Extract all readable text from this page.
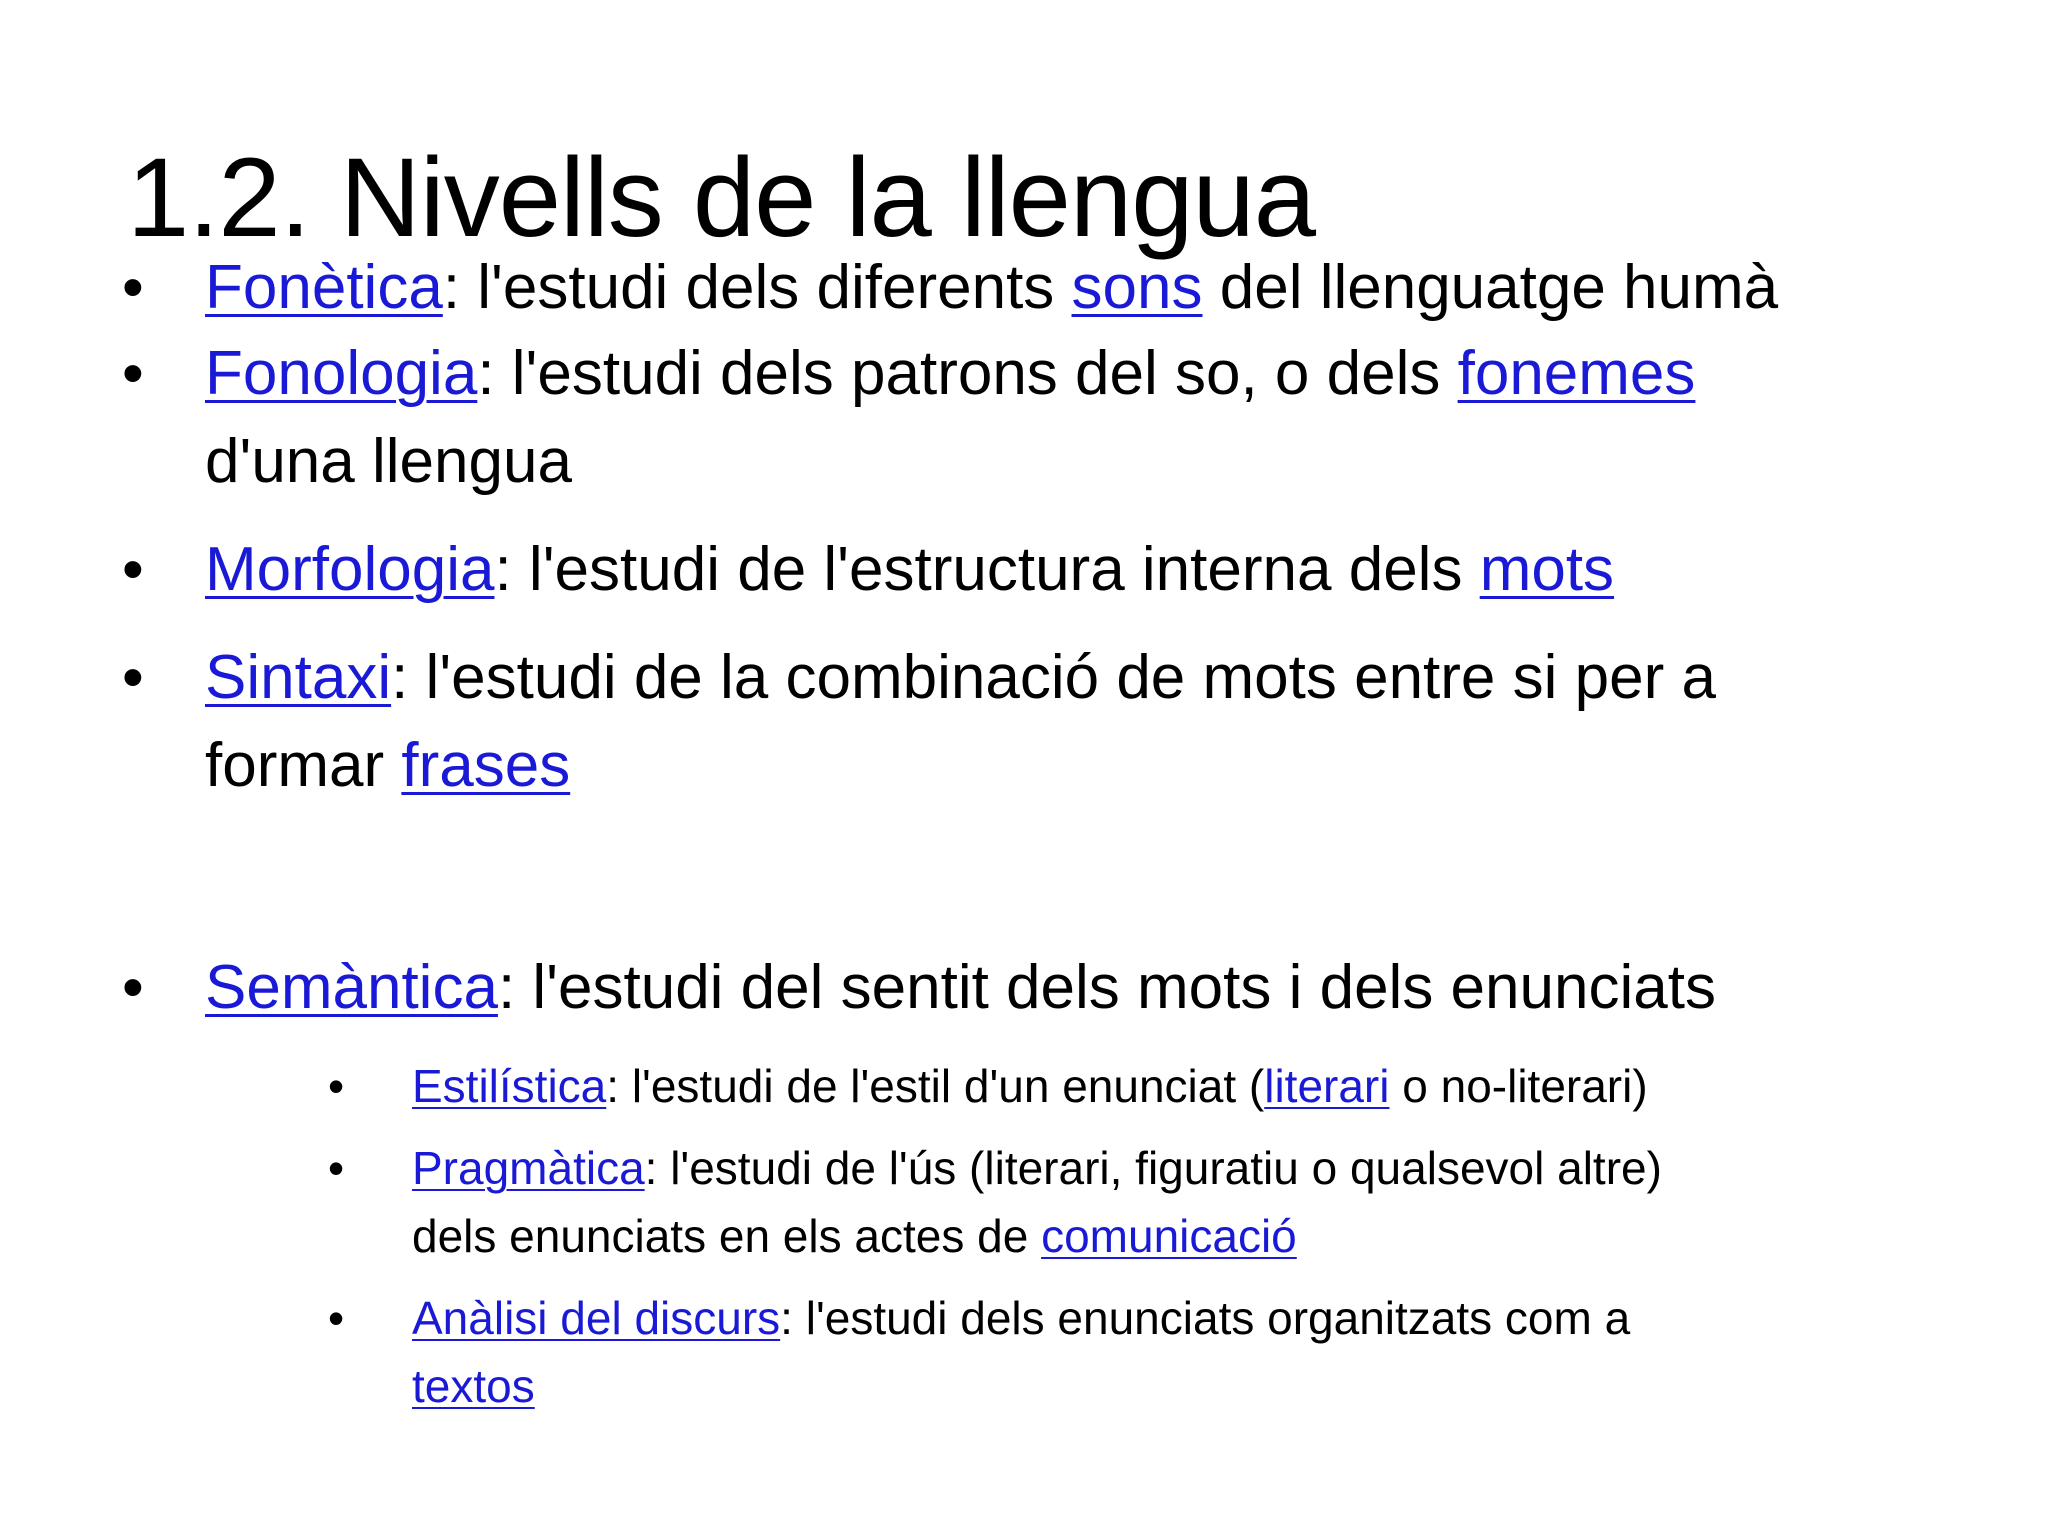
1.2. Nivells de la llengua
• Fonètica: l'estudi dels diferents sons del llenguatge humà
• Fonologia: l'estudi dels patrons del so, o dels fonemes
d'una llengua
• Morfologia: l'estudi de l'estructura interna dels mots
• Sintaxi: l'estudi de la combinació de mots entre si per a
formar frases
• Semàntica: l'estudi del sentit dels mots i dels enunciats
• Estilística: l'estudi de l'estil d'un enunciat (literari o no-literari)
• Pragmàtica: l'estudi de l'ús (literari, figuratiu o qualsevol altre)
dels enunciats en els actes de comunicació
• Anàlisi del discurs: l'estudi dels enunciats organitzats com a
textos
